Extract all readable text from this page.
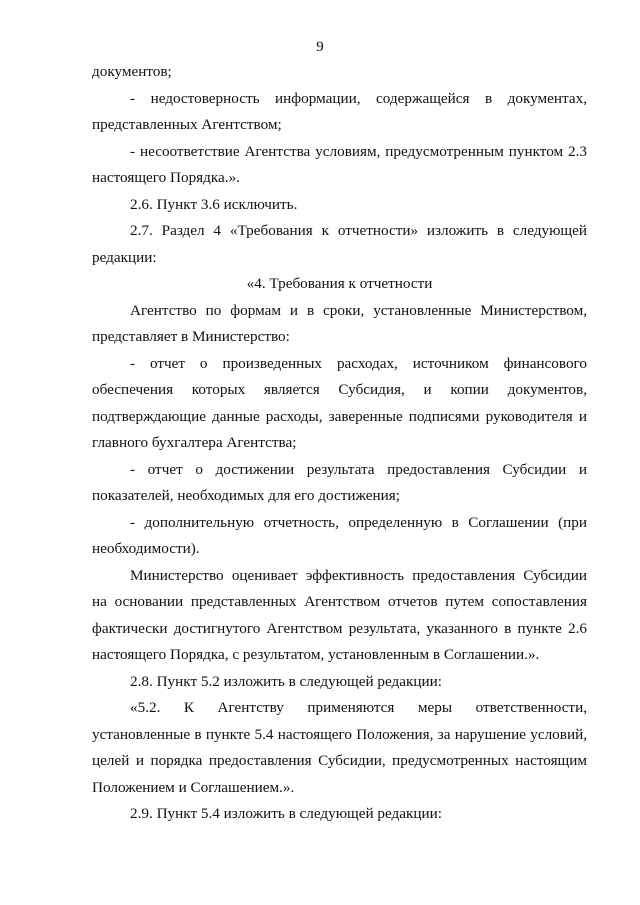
9

документов;

- недостоверность информации, содержащейся в документах, представленных Агентством;

- несоответствие Агентства условиям, предусмотренным пунктом 2.3 настоящего Порядка.».

2.6. Пункт 3.6 исключить.

2.7. Раздел 4 «Требования к отчетности» изложить в следующей редакции:

«4. Требования к отчетности

Агентство по формам и в сроки, установленные Министерством, представляет в Министерство:

- отчет о произведенных расходах, источником финансового обеспечения которых является Субсидия, и копии документов, подтверждающие данные расходы, заверенные подписями руководителя и главного бухгалтера Агентства;

- отчет о достижении результата предоставления Субсидии и показателей, необходимых для его достижения;

- дополнительную отчетность, определенную в Соглашении (при необходимости).

Министерство оценивает эффективность предоставления Субсидии на основании представленных Агентством отчетов путем сопоставления фактически достигнутого Агентством результата, указанного в пункте 2.6 настоящего Порядка, с результатом, установленным в Соглашении.».

2.8. Пункт 5.2 изложить в следующей редакции:

«5.2. К Агентству применяются меры ответственности, установленные в пункте 5.4 настоящего Положения, за нарушение условий, целей и порядка предоставления Субсидии, предусмотренных настоящим Положением и Соглашением.».

2.9. Пункт 5.4 изложить в следующей редакции:
